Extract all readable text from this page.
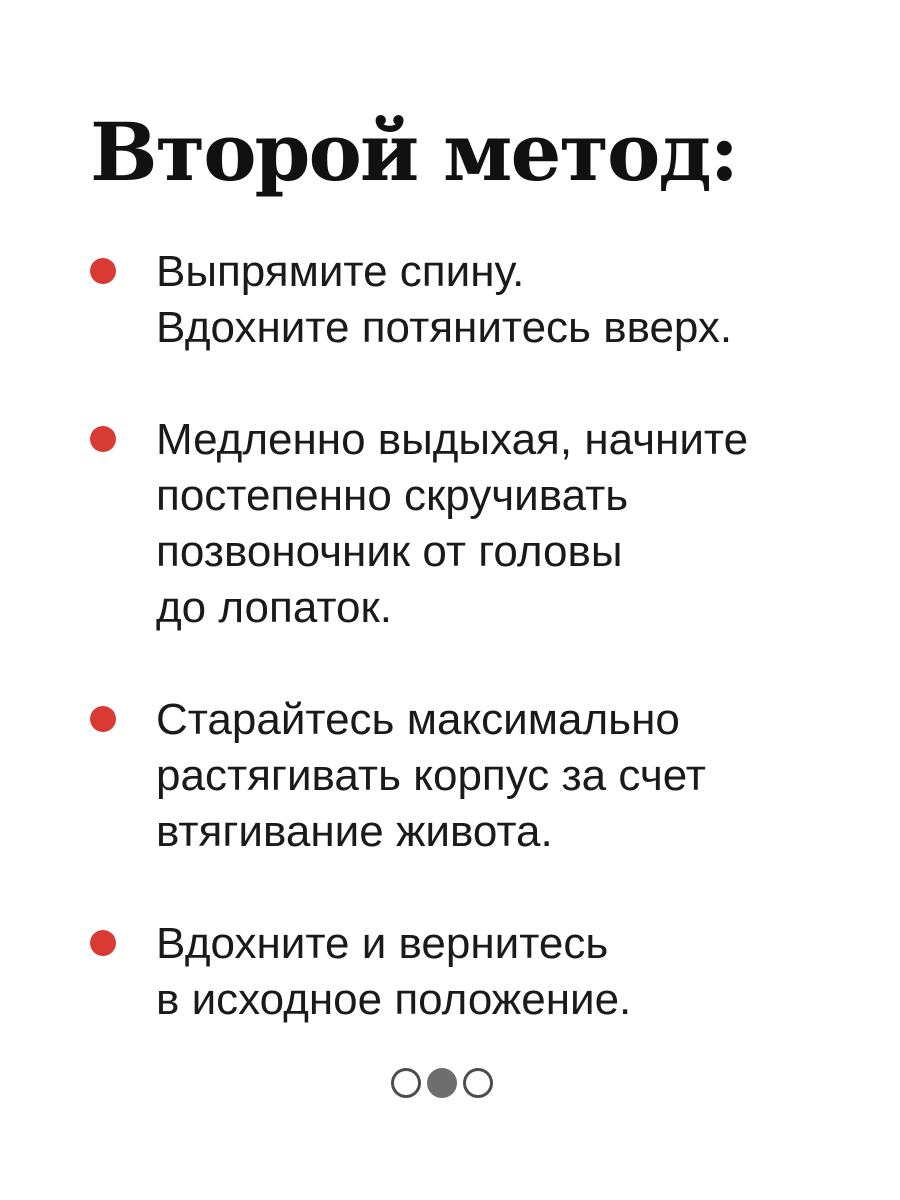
Второй метод:
Выпрямите спину.
Вдохните потянитесь вверх.
Медленно выдыхая, начните
постепенно скручивать
позвоночник от головы
до лопаток.
Старайтесь максимально
растягивать корпус за счет
втягивание живота.
Вдохните и вернитесь
в исходное положение.
